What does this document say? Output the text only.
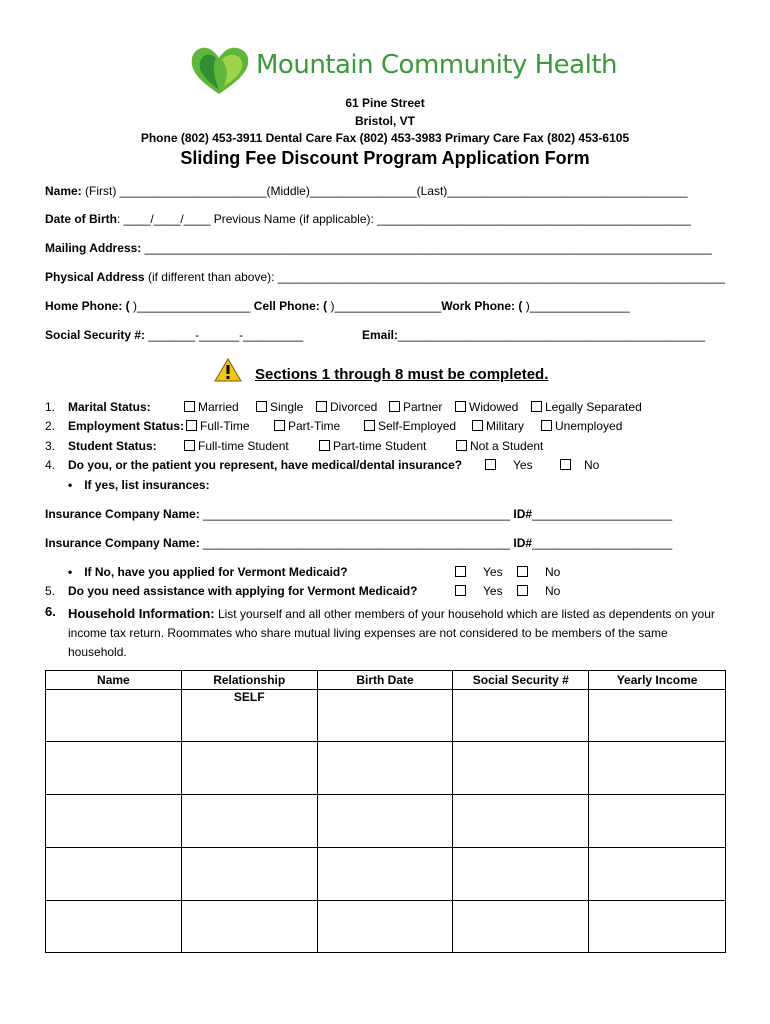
Mountain Community Health
61 Pine Street
Bristol, VT
Phone (802) 453-3911 Dental Care Fax (802) 453-3983 Primary Care Fax (802) 453-6105
Sliding Fee Discount Program Application Form
Name: (First) ______________________(Middle)________________(Last)____________________________________
Date of Birth: ____/____/____ Previous Name (if applicable): _______________________________________________
Mailing Address: _____________________________________________________________________________________
Physical Address (if different than above): ___________________________________________________________________
Home Phone: ( )_________________ Cell Phone: ( )________________Work Phone: ( )_______________
Social Security #: _______-______-_________	Email:______________________________________________
Sections 1 through 8 must be completed.
1. Marital Status:	Married	Single	Divorced	Partner	Widowed	Legally Separated
2. Employment Status:	Full-Time	Part-Time	Self-Employed	Military	Unemployed
3. Student Status:	Full-time Student	Part-time Student	Not a Student
4. Do you, or the patient you represent, have medical/dental insurance?	Yes	No
• If yes, list insurances:
Insurance Company Name: ______________________________________________ ID#_____________________
Insurance Company Name: ______________________________________________ ID#_____________________
• If No, have you applied for Vermont Medicaid?	Yes	No
5. Do you need assistance with applying for Vermont Medicaid?	Yes	No
6. Household Information: List yourself and all other members of your household which are listed as dependents on your income tax return. Roommates who share mutual living expenses are not considered to be members of the same household.
Name	Relationship	Birth Date	Social Security #	Yearly Income
	SELF			
